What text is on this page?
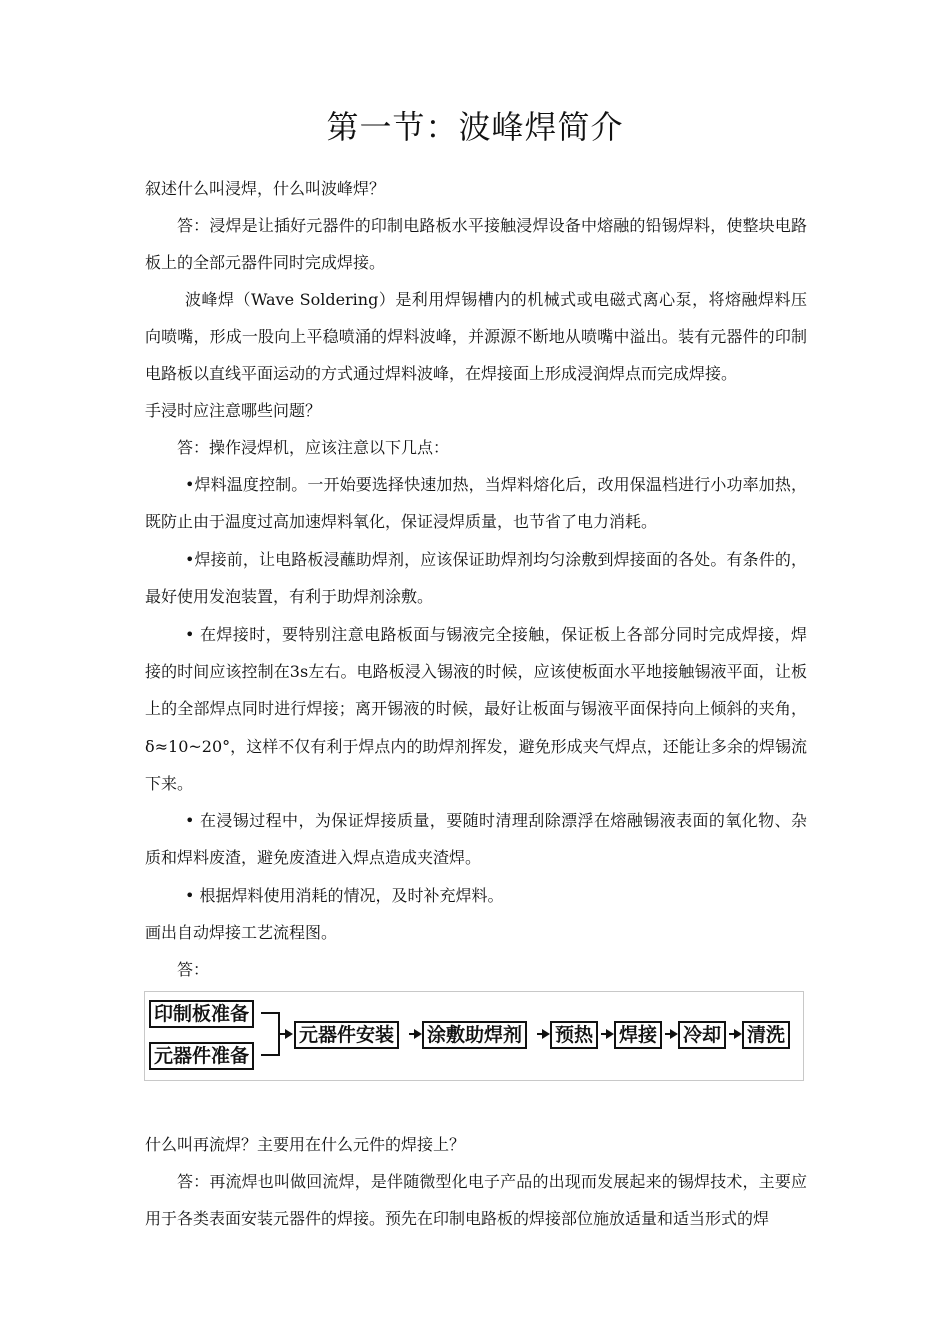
第一节：波峰焊简介

叙述什么叫浸焊，什么叫波峰焊？

答：浸焊是让插好元器件的印制电路板水平接触浸焊设备中熔融的铅锡焊料，使整块电路板上的全部元器件同时完成焊接。

波峰焊（Wave Soldering）是利用焊锡槽内的机械式或电磁式离心泵，将熔融焊料压向喷嘴，形成一股向上平稳喷涌的焊料波峰，并源源不断地从喷嘴中溢出。装有元器件的印制电路板以直线平面运动的方式通过焊料波峰，在焊接面上形成浸润焊点而完成焊接。

手浸时应注意哪些问题？

答：操作浸焊机，应该注意以下几点：

•焊料温度控制。一开始要选择快速加热，当焊料熔化后，改用保温档进行小功率加热，既防止由于温度过高加速焊料氧化，保证浸焊质量，也节省了电力消耗。

•焊接前，让电路板浸蘸助焊剂，应该保证助焊剂均匀涂敷到焊接面的各处。有条件的，最好使用发泡装置，有利于助焊剂涂敷。

• 在焊接时，要特别注意电路板面与锡液完全接触，保证板上各部分同时完成焊接，焊接的时间应该控制在3s左右。电路板浸入锡液的时候，应该使板面水平地接触锡液平面，让板上的全部焊点同时进行焊接；离开锡液的时候，最好让板面与锡液平面保持向上倾斜的夹角，δ≈10~20°，这样不仅有利于焊点内的助焊剂挥发，避免形成夹气焊点，还能让多余的焊锡流下来。

• 在浸锡过程中，为保证焊接质量，要随时清理刮除漂浮在熔融锡液表面的氧化物、杂质和焊料废渣，避免废渣进入焊点造成夹渣焊。

• 根据焊料使用消耗的情况，及时补充焊料。

画出自动焊接工艺流程图。

答：

印制板准备
元器件准备
元器件安装 涂敷助焊剂 预热 焊接 冷却 清洗

什么叫再流焊？主要用在什么元件的焊接上？

答：再流焊也叫做回流焊，是伴随微型化电子产品的出现而发展起来的锡焊技术，主要应用于各类表面安装元器件的焊接。预先在印制电路板的焊接部位施放适量和适当形式的焊
